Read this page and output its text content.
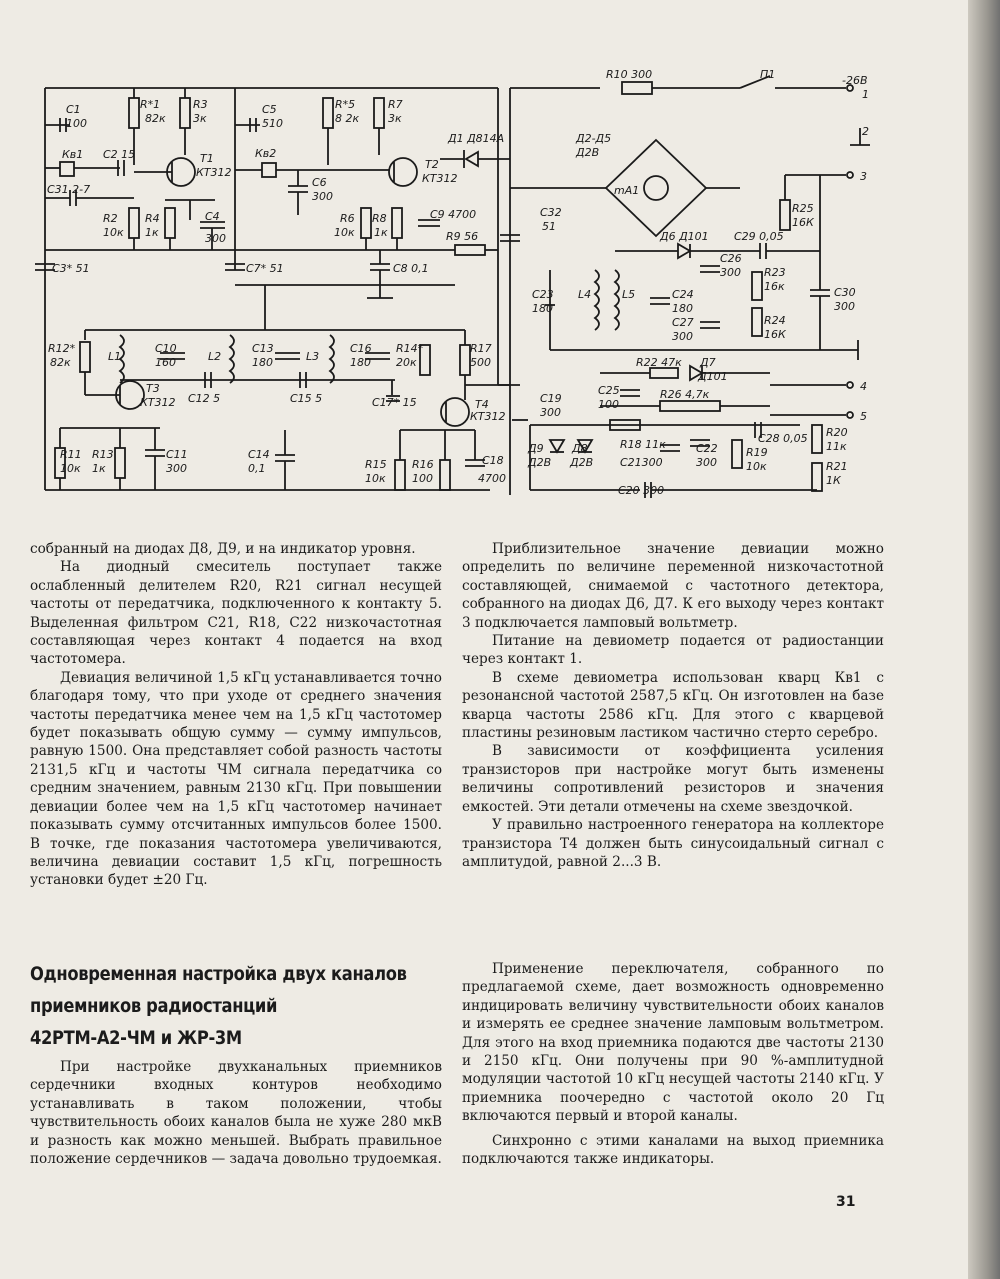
C1
100
R*1
82к
R3
3к
C5
510
R*5
8 2к
R7
3к
R10 300	П1	-26В
1
2
3
4
5
Кв1 С2 15
C31 2-7
T1
КТ312
Кв2
C6
300
T2
КТ312
Д1 Д814А	Д2-Д5
Д2В
mA1
R2
10к
R4
1к
C4
300
R6
10к
R8
1к
С9 4700
R9 56
C32
51
Д6 Д101 C29 0,05
R25
16К
C3* 51	C7* 51	C8 0,1
C26
300 R23
16к
C23
180
L4	L5	C24
180
C27
300
R24
16К
C30
300
R12*
82к	L1
C10
160	L2
C13
180	L3
C16
180
R14*
20к
R17
500	Д7
Д101
R22 47к
T3
КТ312 С12 5	С15 5	C17* 15	T4
КТ312
C19
300
C25
100
R26 4,7к
Д9
Д2В
Д8
Д2В
R18 11к
C21300
C22
300
R19
10к
C28 0,05 R20
11к
R21
1К
R11
10к
R13
1к
C11
300
C14
0,1	R15
10к
R16
100
C18
4700
C20 300

собранный на диодах Д8, Д9, и на индикатор уровня.

На диодный смеситель поступает также ослабленный делителем R20, R21 сигнал несущей частоты от передатчика, подключенного к контакту 5. Выделенная фильтром C21, R18, C22 низкочастотная составляющая через контакт 4 подается на вход частотомера.

Девиация величиной 1,5 кГц устанавливается точно благодаря тому, что при уходе от среднего значения частоты передатчика менее чем на 1,5 кГц частотомер будет показывать общую сумму — сумму импульсов, равную 1500. Она представляет собой разность частоты 2131,5 кГц и частоты ЧМ сигнала передатчика со средним значением, равным 2130 кГц. При повышении девиации более чем на 1,5 кГц частотомер начинает показывать сумму отсчитанных импульсов более 1500. В точке, где показания частотомера увеличиваются, величина девиации составит 1,5 кГц, погрешность установки будет ±20 Гц.

Приблизительное значение девиации можно определить по величине переменной низкочастотной составляющей, снимаемой с частотного детектора, собранного на диодах Д6, Д7. К его выходу через контакт 3 подключается ламповый вольтметр.

Питание на девиометр подается от радиостанции через контакт 1.

В схеме девиометра использован кварц Кв1 с резонансной частотой 2587,5 кГц. Он изготовлен на базе кварца частоты 2586 кГц. Для этого с кварцевой пластины резиновым ластиком частично стерто серебро.

В зависимости от коэффициента усиления транзисторов при настройке могут быть изменены величины сопротивлений резисторов и значения емкостей. Эти детали отмечены на схеме звездочкой.

У правильно настроенного генератора на коллекторе транзистора Т4 должен быть синусоидальный сигнал с амплитудой, равной 2...3 В.

Одновременная настройка двух каналов
приемников радиостанций
42РТМ-А2-ЧМ и ЖР-3М

При настройке двухканальных приемников сердечники входных контуров необходимо устанавливать в таком положении, чтобы чувствительность обоих каналов была не хуже 280 мкВ и разность как можно меньшей. Выбрать правильное положение сердечников — задача довольно трудоемкая.

Применение переключателя, собранного по предлагаемой схеме, дает возможность одновременно индицировать величину чувствительности обоих каналов и измерять ее среднее значение ламповым вольтметром. Для этого на вход приемника подаются две частоты 2130 и 2150 кГц. Они получены при 90 %-амплитудной модуляции частотой 10 кГц несущей частоты 2140 кГц. У приемника поочередно с частотой около 20 Гц включаются первый и второй каналы.

Синхронно с этими каналами на выход приемника подключаются также индикаторы.

31
